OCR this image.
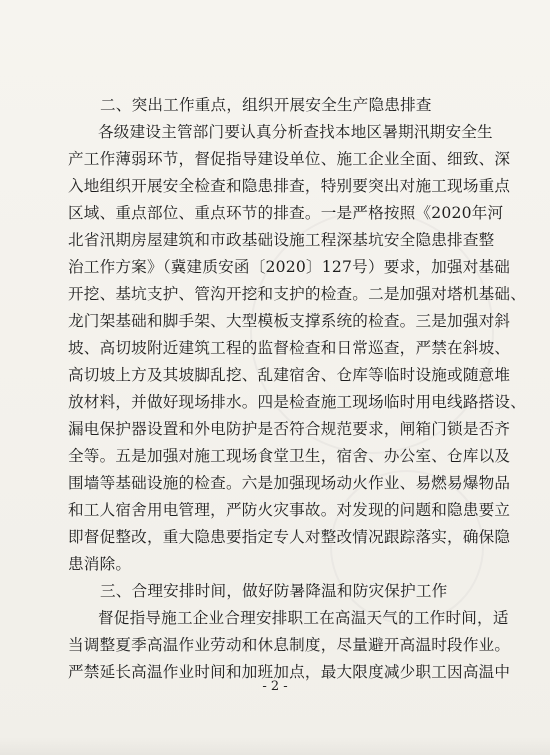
二、突出工作重点，组织开展安全生产隐患排查
各级建设主管部门要认真分析查找本地区暑期汛期安全生
产工作薄弱环节，督促指导建设单位、施工企业全面、细致、深
入地组织开展安全检查和隐患排查，特别要突出对施工现场重点
区域、重点部位、重点环节的排查。一是严格按照《2020年河
北省汛期房屋建筑和市政基础设施工程深基坑安全隐患排查整
治工作方案》（冀建质安函〔2020〕127号）要求，加强对基础
开挖、基坑支护、管沟开挖和支护的检查。二是加强对塔机基础、
龙门架基础和脚手架、大型模板支撑系统的检查。三是加强对斜
坡、高切坡附近建筑工程的监督检查和日常巡查，严禁在斜坡、
高切坡上方及其坡脚乱挖、乱建宿舍、仓库等临时设施或随意堆
放材料，并做好现场排水。四是检查施工现场临时用电线路搭设、
漏电保护器设置和外电防护是否符合规范要求，闸箱门锁是否齐
全等。五是加强对施工现场食堂卫生，宿舍、办公室、仓库以及
围墙等基础设施的检查。六是加强现场动火作业、易燃易爆物品
和工人宿舍用电管理，严防火灾事故。对发现的问题和隐患要立
即督促整改，重大隐患要指定专人对整改情况跟踪落实，确保隐
患消除。
三、合理安排时间，做好防暑降温和防灾保护工作
督促指导施工企业合理安排职工在高温天气的工作时间，适
当调整夏季高温作业劳动和休息制度，尽量避开高温时段作业。
严禁延长高温作业时间和加班加点，最大限度减少职工因高温中
- 2 -
